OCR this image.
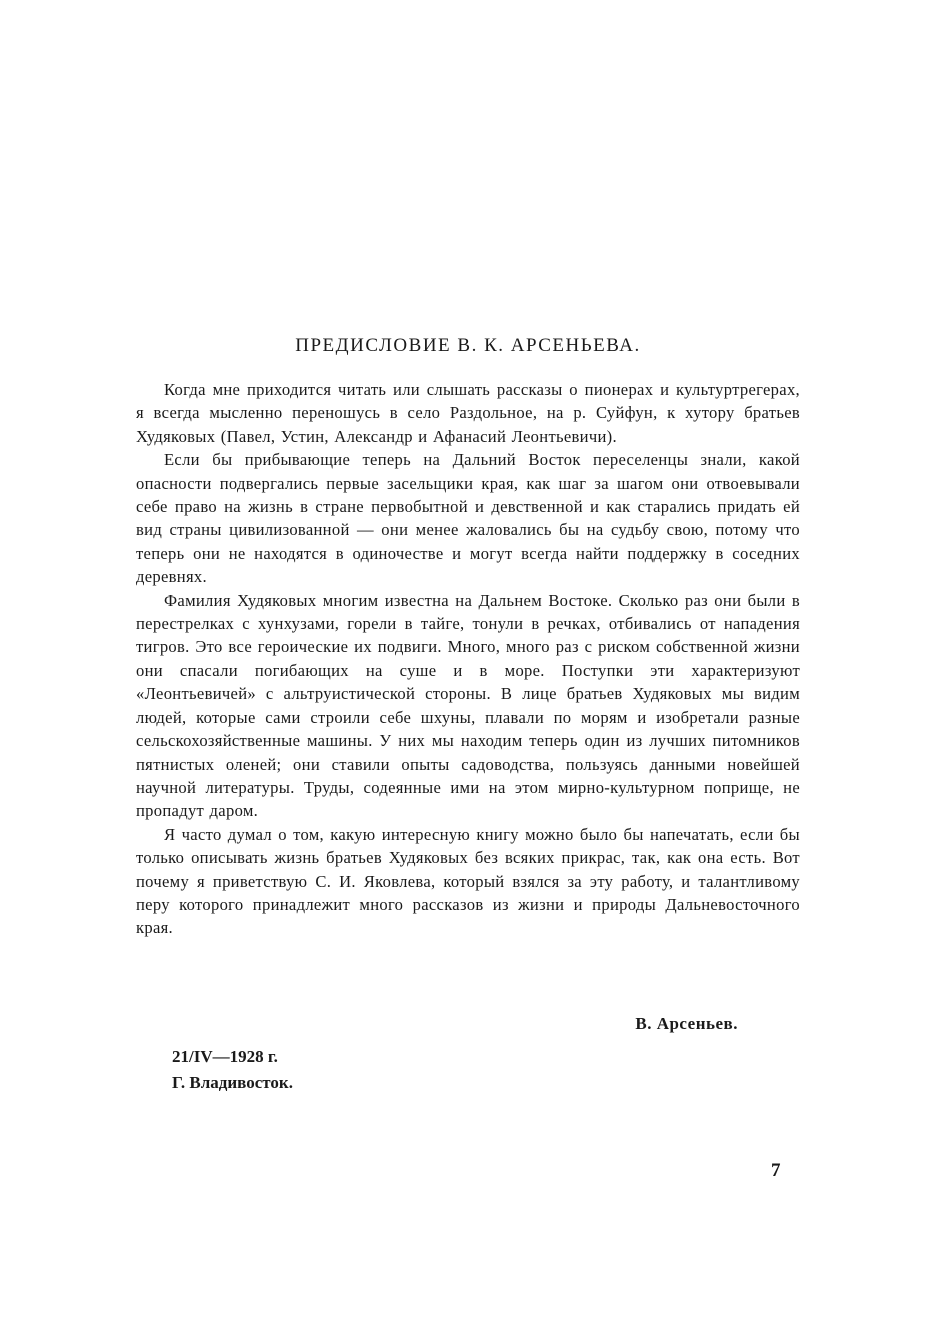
ПРЕДИСЛОВИЕ В. К. АРСЕНЬЕВА.

Когда мне приходится читать или слышать рассказы о пионерах и культуртрегерах, я всегда мысленно переношусь в село Раздольное, на р. Суйфун, к хутору братьев Худяковых (Павел, Устин, Александр и Афанасий Леонтьевичи).

Если бы прибывающие теперь на Дальний Восток переселенцы знали, какой опасности подвергались первые засельщики края, как шаг за шагом они отвоевывали себе право на жизнь в стране первобытной и девственной и как старались придать ей вид страны цивилизованной — они менее жаловались бы на судьбу свою, потому что теперь они не находятся в одиночестве и могут всегда найти поддержку в соседних деревнях.

Фамилия Худяковых многим известна на Дальнем Востоке. Сколько раз они были в перестрелках с хунхузами, горели в тайге, тонули в речках, отбивались от нападения тигров. Это все героические их подвиги. Много, много раз с риском собственной жизни они спасали погибающих на суше и в море. Поступки эти характеризуют «Леонтьевичей» с альтруистической стороны. В лице братьев Худяковых мы видим людей, которые сами строили себе шхуны, плавали по морям и изобретали разные сельскохозяйственные машины. У них мы находим теперь один из лучших питомников пятнистых оленей; они ставили опыты садоводства, пользуясь данными новейшей научной литературы. Труды, содеянные ими на этом мирно-культурном поприще, не пропадут даром.

Я часто думал о том, какую интересную книгу можно было бы напечатать, если бы только описывать жизнь братьев Худяковых без всяких прикрас, так, как она есть. Вот почему я приветствую С. И. Яковлева, который взялся за эту работу, и талантливому перу которого принадлежит много рассказов из жизни и природы Дальневосточного края.

В. Арсеньев.
21/IV—1928 г.
Г. Владивосток.
7
